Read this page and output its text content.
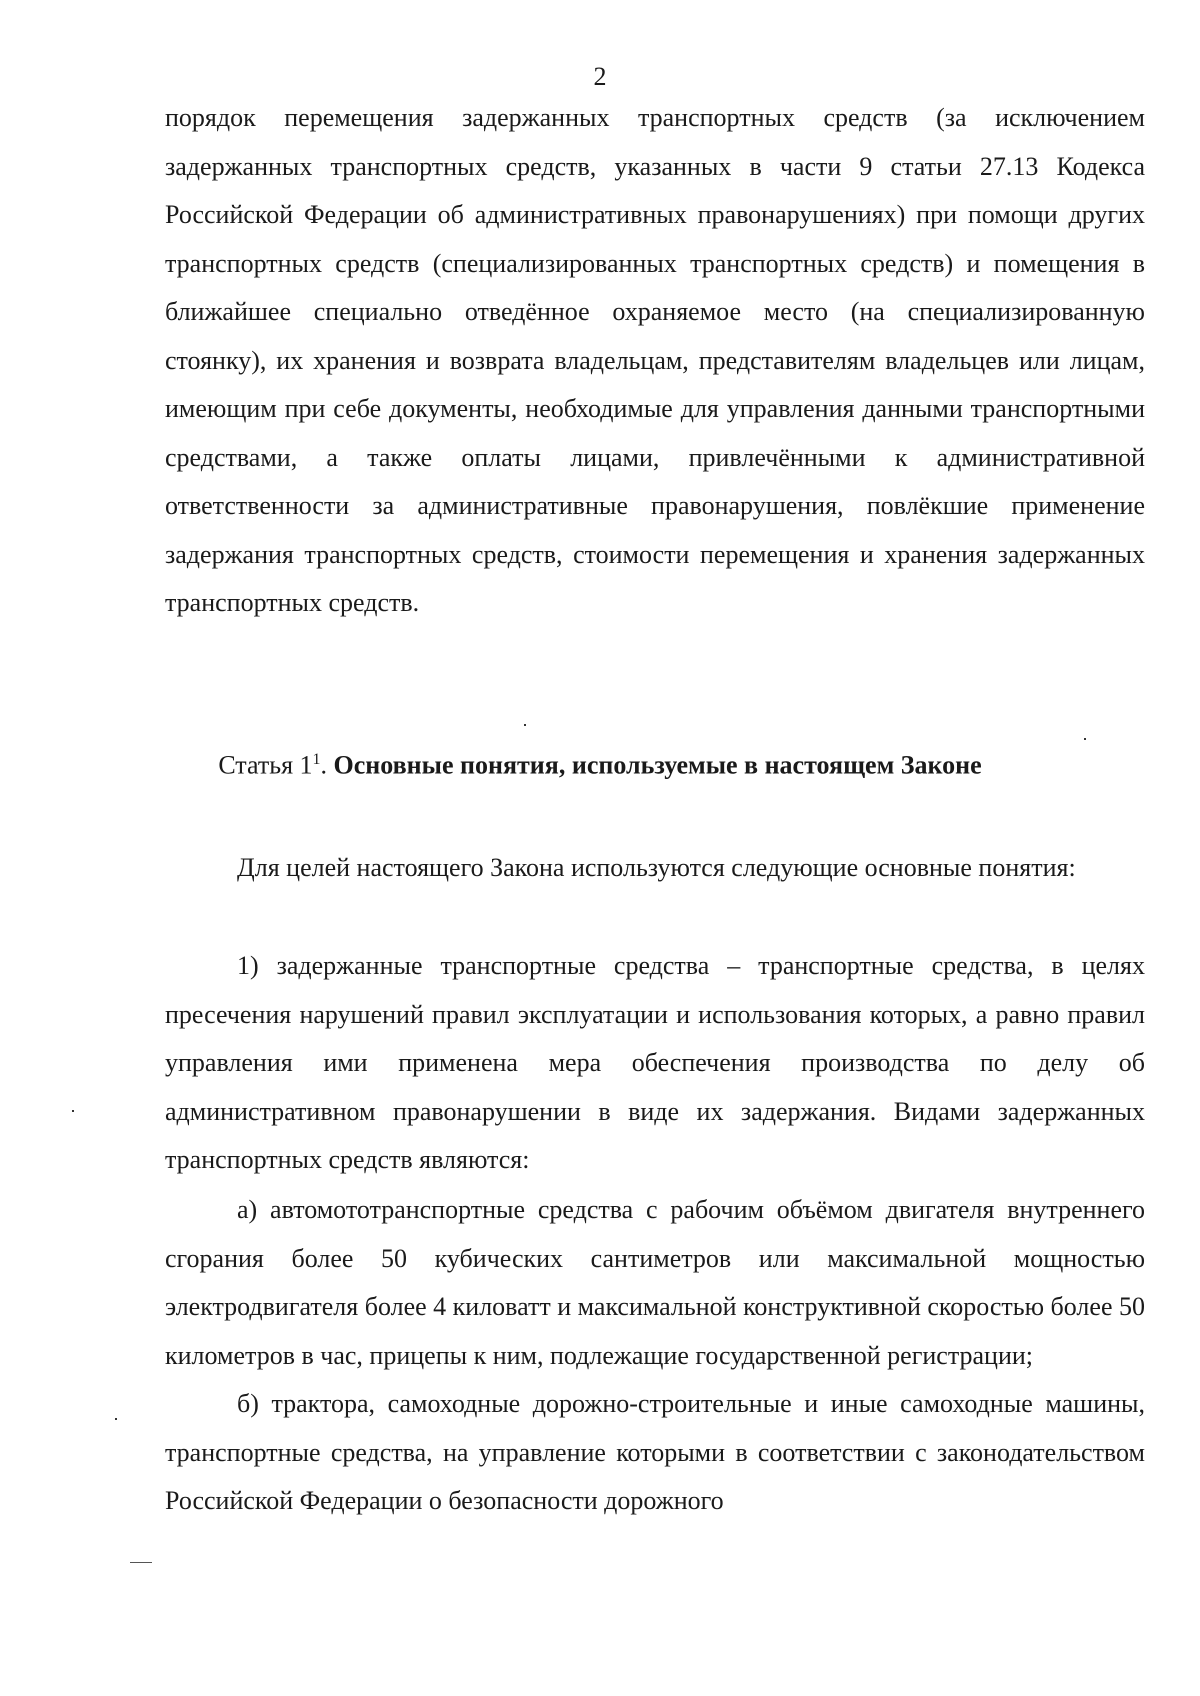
2

порядок перемещения задержанных транспортных средств (за исключением задержанных транспортных средств, указанных в части 9 статьи 27.13 Кодекса Российской Федерации об административных правонарушениях) при помощи других транспортных средств (специализированных транспортных средств) и помещения в ближайшее специально отведённое охраняемое место (на специализированную стоянку), их хранения и возврата владельцам, представителям владельцев или лицам, имеющим при себе документы, необходимые для управления данными транспортными средствами, а также оплаты лицами, привлечёнными к административной ответственности за административные правонарушения, повлёкшие применение задержания транспортных средств, стоимости перемещения и хранения задержанных транспортных средств.

Статья $1^1$. Основные понятия, используемые в настоящем Законе

Для целей настоящего Закона используются следующие основные понятия:

1) задержанные транспортные средства – транспортные средства, в целях пресечения нарушений правил эксплуатации и использования которых, а равно правил управления ими применена мера обеспечения производства по делу об административном правонарушении в виде их задержания. Видами задержанных транспортных средств являются:

а) автомототранспортные средства с рабочим объёмом двигателя внутреннего сгорания более 50 кубических сантиметров или максимальной мощностью электродвигателя более 4 киловатт и максимальной конструктивной скоростью более 50 километров в час, прицепы к ним, подлежащие государственной регистрации;

б) трактора, самоходные дорожно-строительные и иные самоходные машины, транспортные средства, на управление которыми в соответствии с законодательством Российской Федерации о безопасности дорожного
